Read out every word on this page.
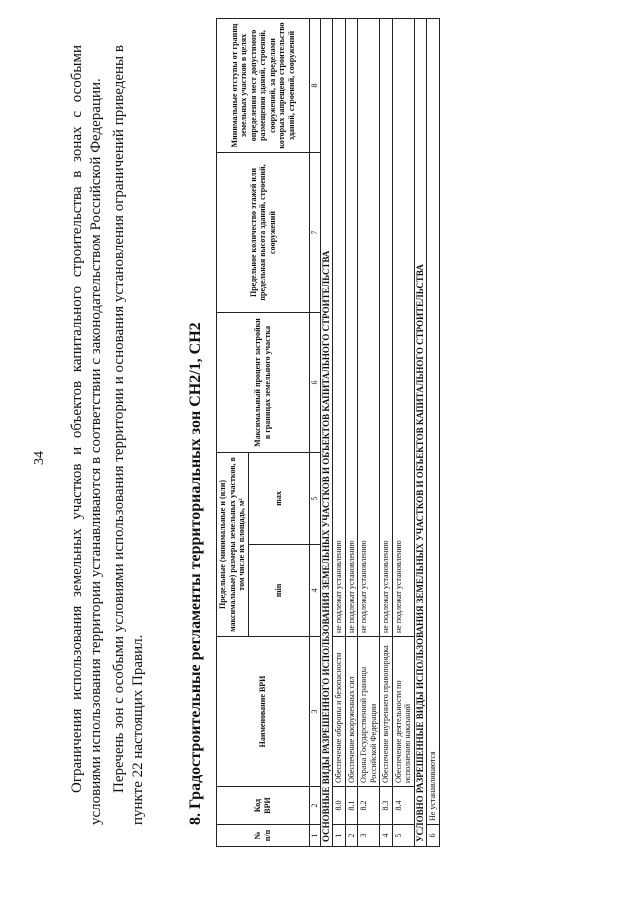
34 Ограничения использования земельных участков и объектов капитального строительства в зонах с особыми условиями использования территории устанавливаются в соответствии с законодательством Российской Федерации. Перечень зон с особыми условиями использования территории и основания установления ограничений приведены в пункте 22 настоящих Правил.	8. Градостроительные регламенты территориальных зон СН2/1, СН2
№ п/п	Код ВРИ	Наименование ВРИ	Предельные (минимальные и (или) максимальные) размеры земельных участков, в том числе их площадь, м²		Максимальный процент застройки в границах земельного участка	Предельное количество этажей или предельная высота зданий, строений, сооружений	Минимальные отступы от границ земельных участков в целях определения мест допустимого размещения зданий, строений, сооружений, за пределами которых запрещено строительство зданий, строений, сооружений
			min	max			
1	2	3	4	5	6	7	8
ОСНОВНЫЕ ВИДЫ РАЗРЕШЕННОГО ИСПОЛЬЗОВАНИЯ ЗЕМЕЛЬНЫХ УЧАСТКОВ И ОБЪЕКТОВ КАПИТАЛЬНОГО СТРОИТЕЛЬСТВА							
1	8.0	Обеспечение обороны и безопасности	не подлежат установлению				
2	8.1	Обеспечение вооруженных сил	не подлежат установлению				
3	8.2	Охрана Государственной границы Российской Федерации	не подлежат установлению				
4	8.3	Обеспечение внутреннего правопорядка	не подлежат установлению				
5	8.4	Обеспечение деятельности по исполнению наказаний	не подлежат установлению				
УСЛОВНО РАЗРЕШЕННЫЕ ВИДЫ ИСПОЛЬЗОВАНИЯ ЗЕМЕЛЬНЫХ УЧАСТКОВ И ОБЪЕКТОВ КАПИТАЛЬНОГО СТРОИТЕЛЬСТВА							
6	Не устанавливаются						
